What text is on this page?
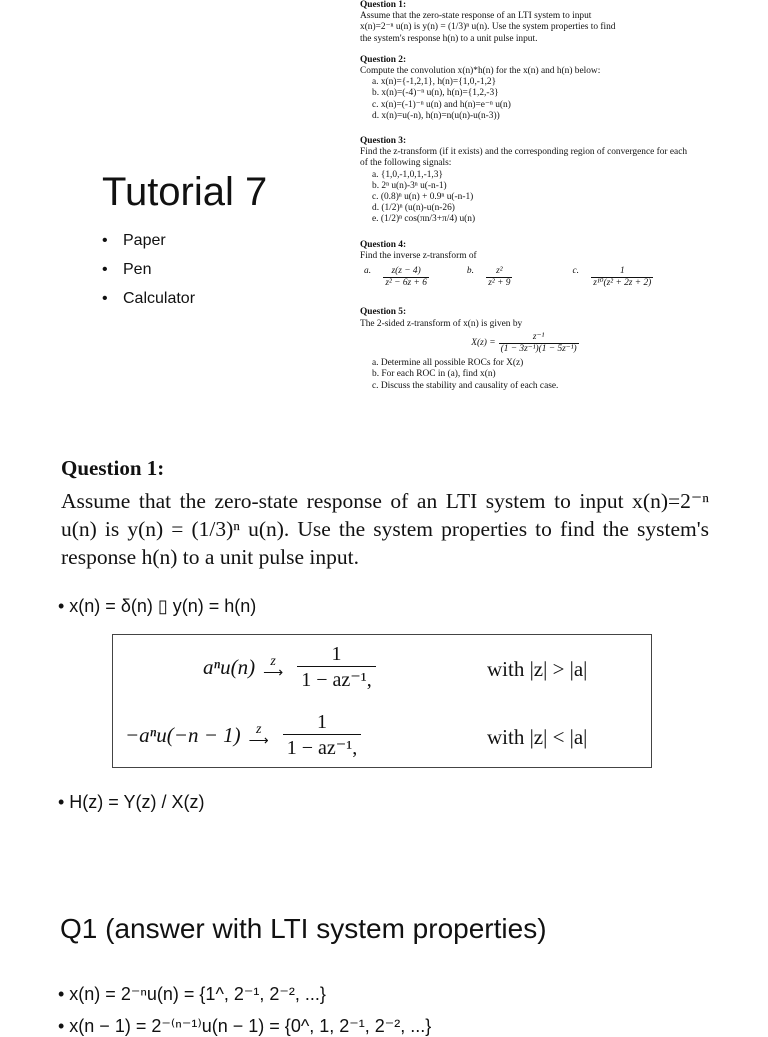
Tutorial 7
• Paper
• Pen
• Calculator
Question 1:
Assume that the zero-state response of an LTI system to input
x(n)=2⁻ⁿ u(n) is y(n) = (1/3)ⁿ u(n). Use the system properties to find
the system's response h(n) to a unit pulse input.
Question 2:
Compute the convolution x(n)*h(n) for the x(n) and h(n) below:
a. x(n)={-1,2,1}, h(n)={1,0,-1,2}
b. x(n)=(-4)⁻ⁿ u(n), h(n)={1,2,-3}
c. x(n)=(-1)⁻ⁿ u(n) and h(n)=e⁻ⁿ u(n)
d. x(n)=u(-n), h(n)=n(u(n)-u(n-3))
Question 3:
Find the z-transform (if it exists) and the corresponding region of convergence for each of the following signals:
a. {1,0,-1,0,1,-1,3}
b. 2ⁿ u(n)-3ⁿ u(-n-1)
c. (0.8)ⁿ u(n) + 0.9ⁿ u(-n-1)
d. (1/2)ⁿ (u(n)-u(n-26)
e. (1/2)ⁿ cos(πn/3+π/4) u(n)
Question 4:
Find the inverse z-transform of
a. $\frac{z(z - 4)}{\text{z² − 6z + 6}}$	b. $\frac{\text{z²}}{\text{z² + 9}}$	c. $\frac{1}{\text{z¹⁰(z² + 2z + 2)}}$
Question 5:
The 2-sided z-transform of x(n) is given by
$X(z) = \frac{\text{z⁻¹}}{\text{(1 − 3z⁻¹)(1 − 5z⁻¹)}}$
a. Determine all possible ROCs for X(z)
b. For each ROC in (a), find x(n)
c. Discuss the stability and causality of each case.
Question 1:
Assume that the zero-state response of an LTI system to input x(n)=2⁻ⁿ u(n) is y(n) = (1/3)ⁿ u(n). Use the system properties to find the system's response h(n) to a unit pulse input.
• x(n) = δ(n) ▯ y(n) = h(n)
aⁿu(n) z
⟶ $\frac{1}{\text{1 − az⁻¹,}}$	with |z| > |a|
−aⁿu(−n − 1) z
⟶ $\frac{1}{\text{1 − az⁻¹,}}$	with |z| < |a|
• H(z) = Y(z) / X(z)
Q1 (answer with LTI system properties)
• x(n) = 2⁻ⁿu(n) = {1^, 2⁻¹, 2⁻², ...}
• x(n − 1) = 2⁻⁽ⁿ⁻¹⁾u(n − 1) = {0^, 1, 2⁻¹, 2⁻², ...}
